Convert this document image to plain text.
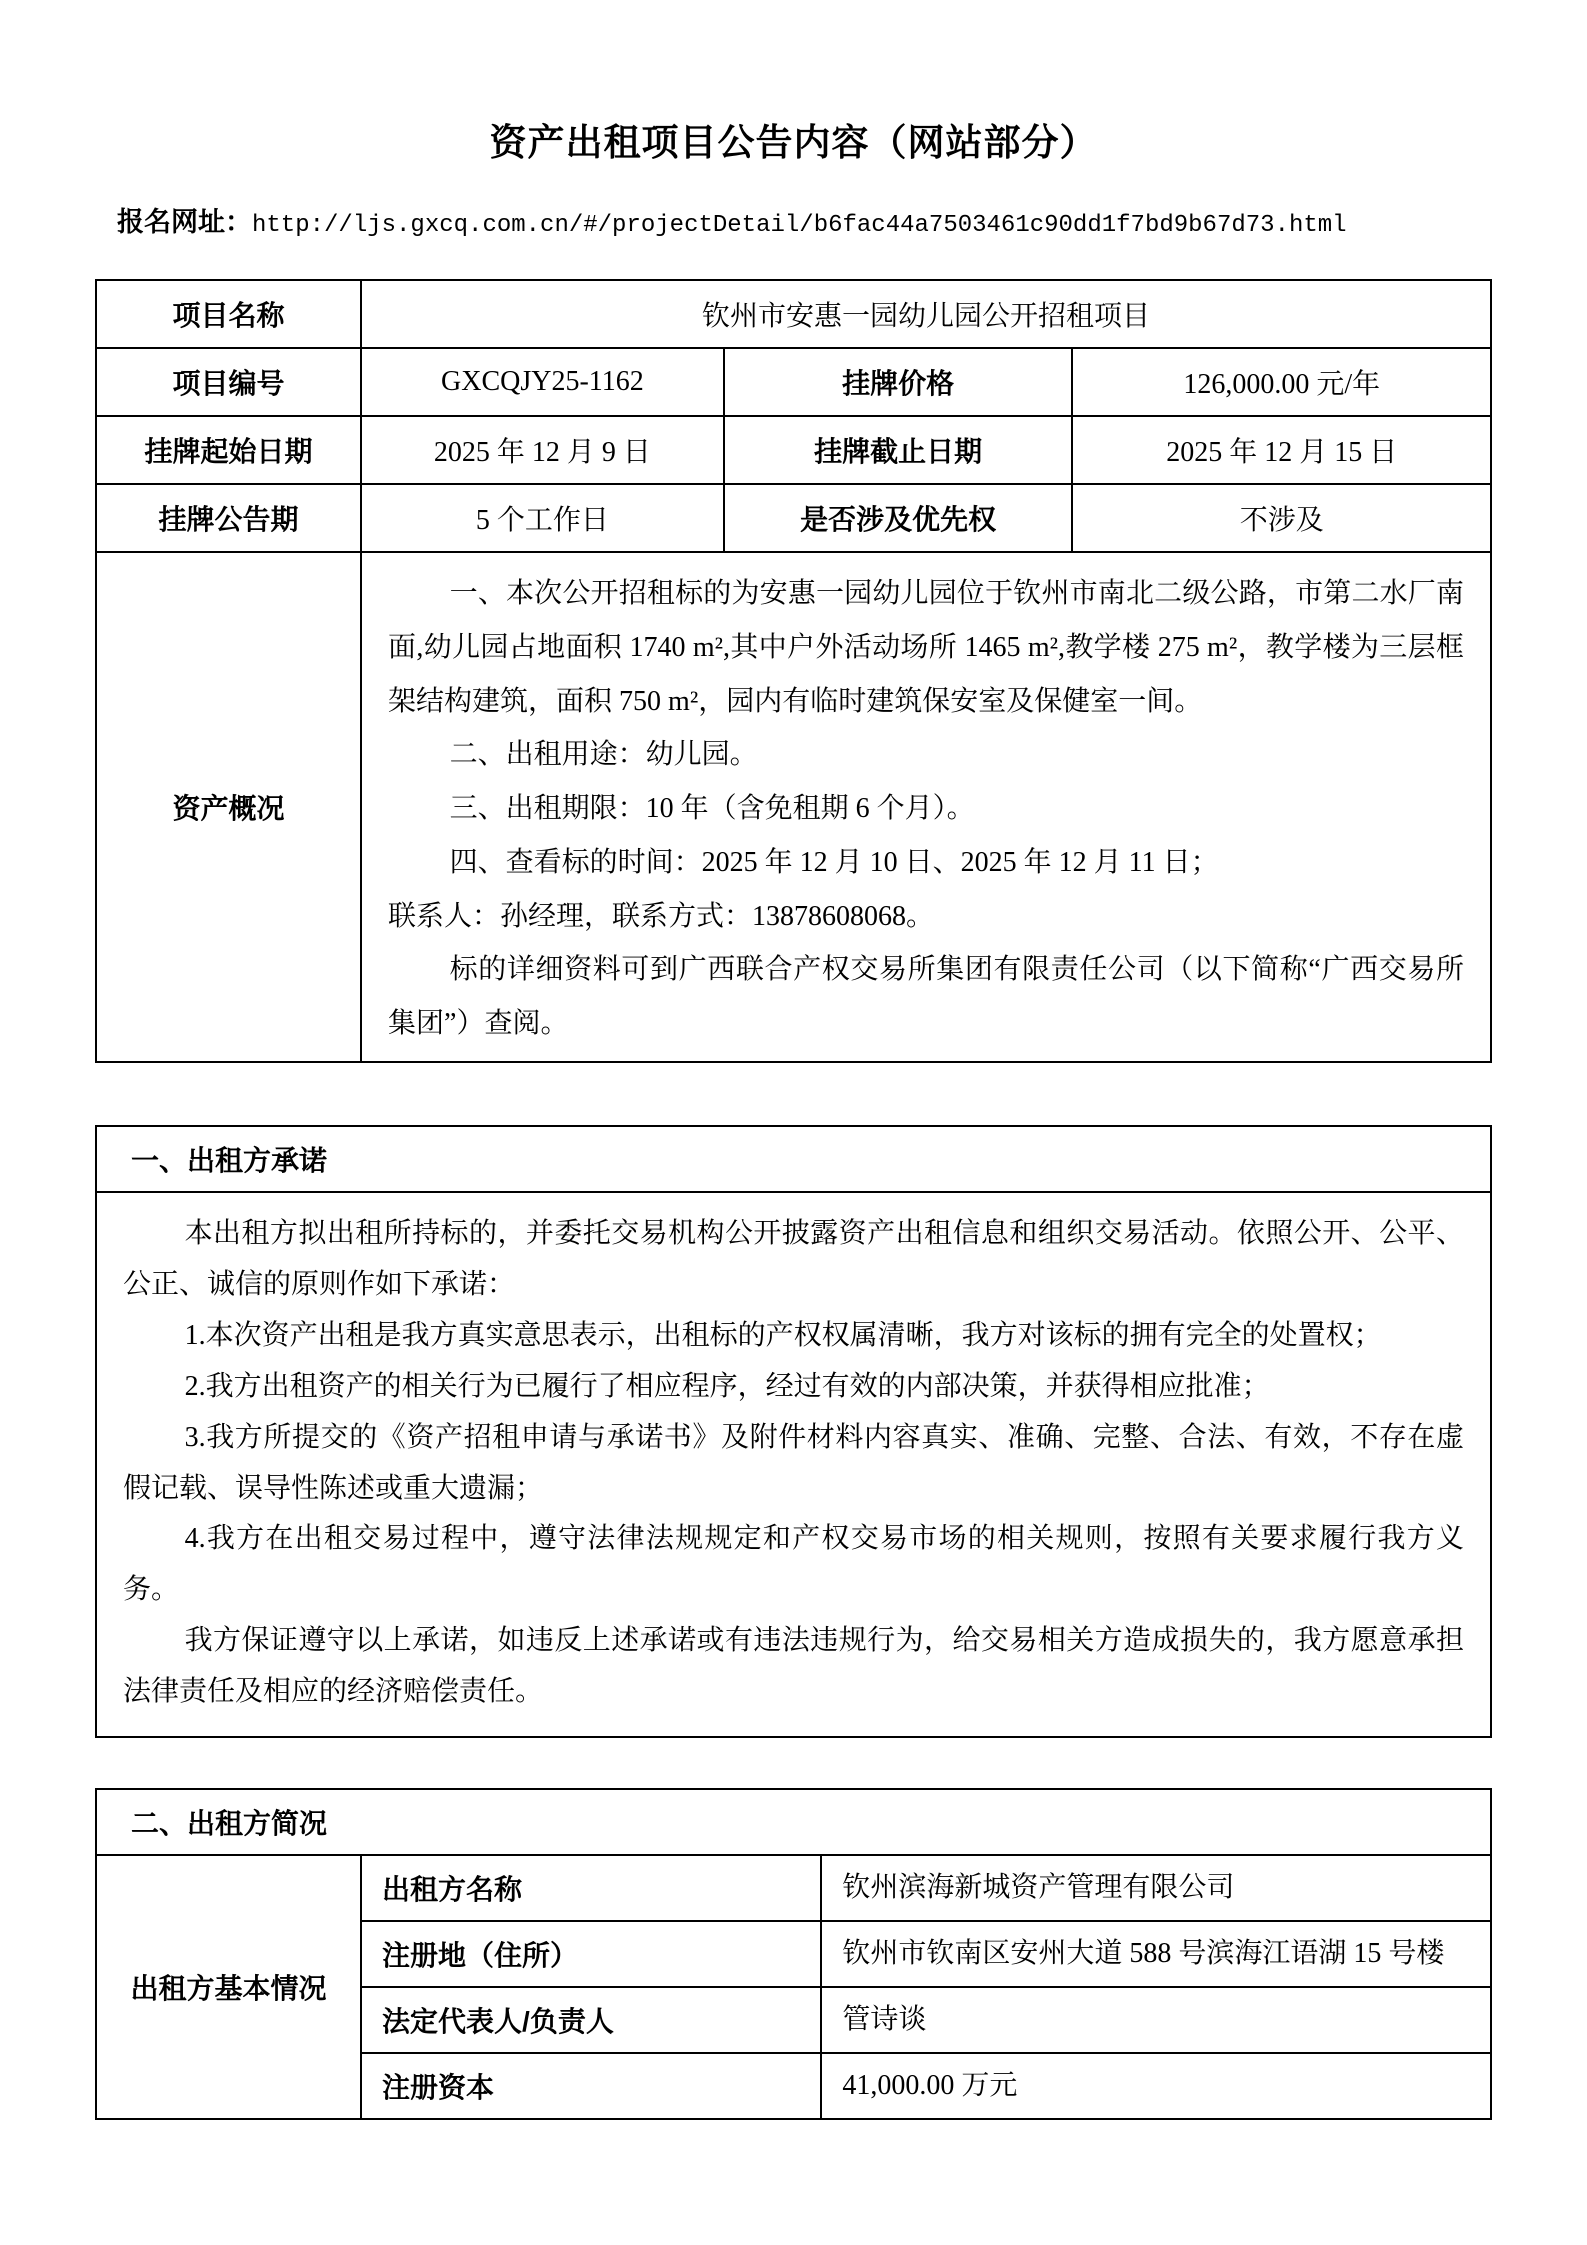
资产出租项目公告内容（网站部分）
报名网址：http://ljs.gxcq.com.cn/#/projectDetail/b6fac44a7503461c90dd1f7bd9b67d73.html
项目名称	钦州市安惠一园幼儿园公开招租项目		
项目编号	GXCQJY25-1162	挂牌价格	126,000.00 元/年
挂牌起始日期	2025 年 12 月 9 日	挂牌截止日期	2025 年 12 月 15 日
挂牌公告期	5 个工作日	是否涉及优先权	不涉及
资产概况	

一、本次公开招租标的为安惠一园幼儿园位于钦州市南北二级公路，市第二水厂南面,幼儿园占地面积 1740 m²,其中户外活动场所 1465 m²,教学楼 275 m²，教学楼为三层框架结构建筑，面积 750 m²，园内有临时建筑保安室及保健室一间。

二、出租用途：幼儿园。

三、出租期限：10 年（含免租期 6 个月）。

四、查看标的时间：2025 年 12 月 10 日、2025 年 12 月 11 日；

联系人：孙经理，联系方式：13878608068。

标的详细资料可到广西联合产权交易所集团有限责任公司（以下简称“广西交易所集团”）查阅。

一、出租方承诺

本出租方拟出租所持标的，并委托交易机构公开披露资产出租信息和组织交易活动。依照公开、公平、公正、诚信的原则作如下承诺：

1.本次资产出租是我方真实意思表示，出租标的产权权属清晰，我方对该标的拥有完全的处置权；

2.我方出租资产的相关行为已履行了相应程序，经过有效的内部决策，并获得相应批准；

3.我方所提交的《资产招租申请与承诺书》及附件材料内容真实、准确、完整、合法、有效，不存在虚假记载、误导性陈述或重大遗漏；

4.我方在出租交易过程中，遵守法律法规规定和产权交易市场的相关规则，按照有关要求履行我方义务。

我方保证遵守以上承诺，如违反上述承诺或有违法违规行为，给交易相关方造成损失的，我方愿意承担法律责任及相应的经济赔偿责任。

二、出租方简况		
出租方基本情况	出租方名称	钦州滨海新城资产管理有限公司
	注册地（住所）	钦州市钦南区安州大道 588 号滨海江语湖 15 号楼
	法定代表人/负责人	管诗谈
	注册资本	41,000.00 万元
